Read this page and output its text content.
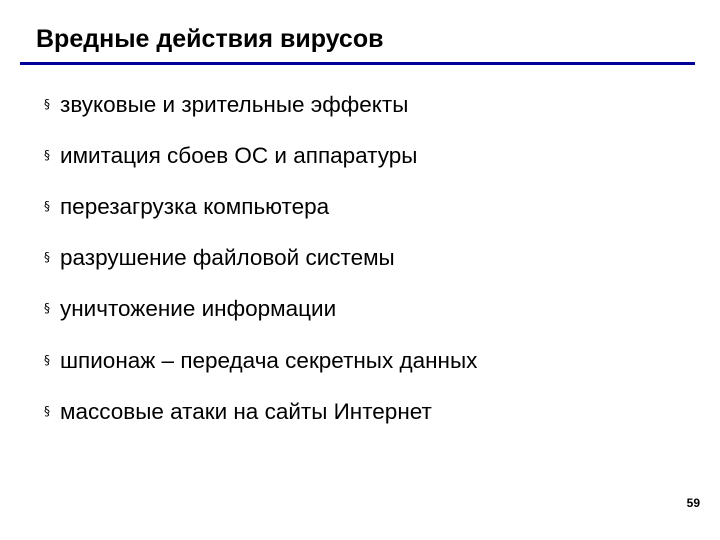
Вредные действия вирусов
§ звуковые и зрительные эффекты
§ имитация сбоев ОС и аппаратуры
§ перезагрузка компьютера
§ разрушение файловой системы
§ уничтожение информации
§ шпионаж – передача секретных данных
§ массовые атаки на сайты Интернет
59
